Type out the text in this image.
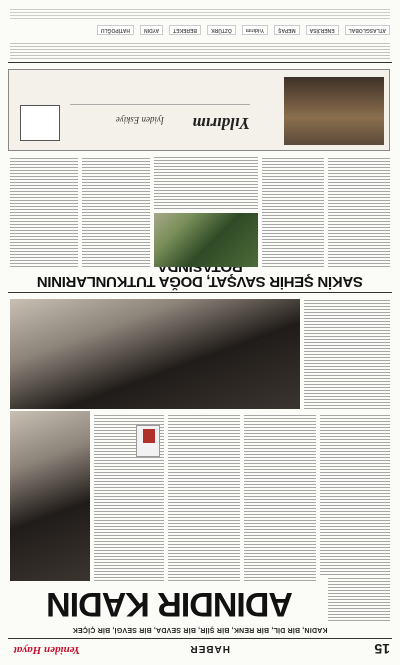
15
HABER
Yeniden Hayat
KADIN, BİR DİL, BİR RENK, BİR ŞİİR, BİR SEVDA, BİR SEVGİ, BİR ÇİÇEK
ADINDIR KADIN
SAKİN ŞEHİR SAVŞAT, DOĞA TUTKUNLARININ
Yıldırım
İyiden Eskiye
ATLASGLOBAL
ENERJİSA
MEPAŞ
Yıldırım
ÖZTÜRK
BEREKET
AYDIN
HATİPOĞLU
